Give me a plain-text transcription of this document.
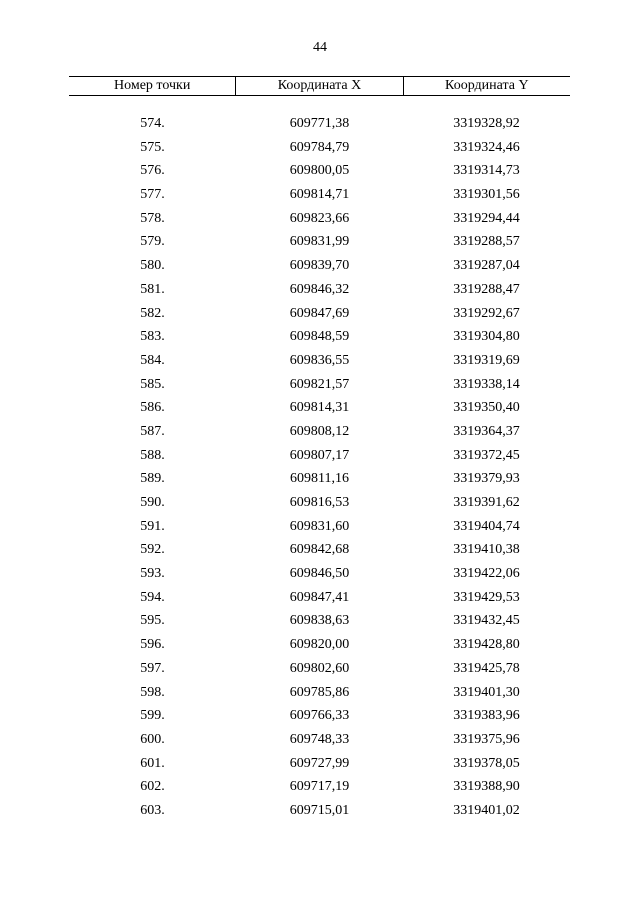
44
Номер точки	Координата X	Координата Y
574.	609771,38	3319328,92
575.	609784,79	3319324,46
576.	609800,05	3319314,73
577.	609814,71	3319301,56
578.	609823,66	3319294,44
579.	609831,99	3319288,57
580.	609839,70	3319287,04
581.	609846,32	3319288,47
582.	609847,69	3319292,67
583.	609848,59	3319304,80
584.	609836,55	3319319,69
585.	609821,57	3319338,14
586.	609814,31	3319350,40
587.	609808,12	3319364,37
588.	609807,17	3319372,45
589.	609811,16	3319379,93
590.	609816,53	3319391,62
591.	609831,60	3319404,74
592.	609842,68	3319410,38
593.	609846,50	3319422,06
594.	609847,41	3319429,53
595.	609838,63	3319432,45
596.	609820,00	3319428,80
597.	609802,60	3319425,78
598.	609785,86	3319401,30
599.	609766,33	3319383,96
600.	609748,33	3319375,96
601.	609727,99	3319378,05
602.	609717,19	3319388,90
603.	609715,01	3319401,02
